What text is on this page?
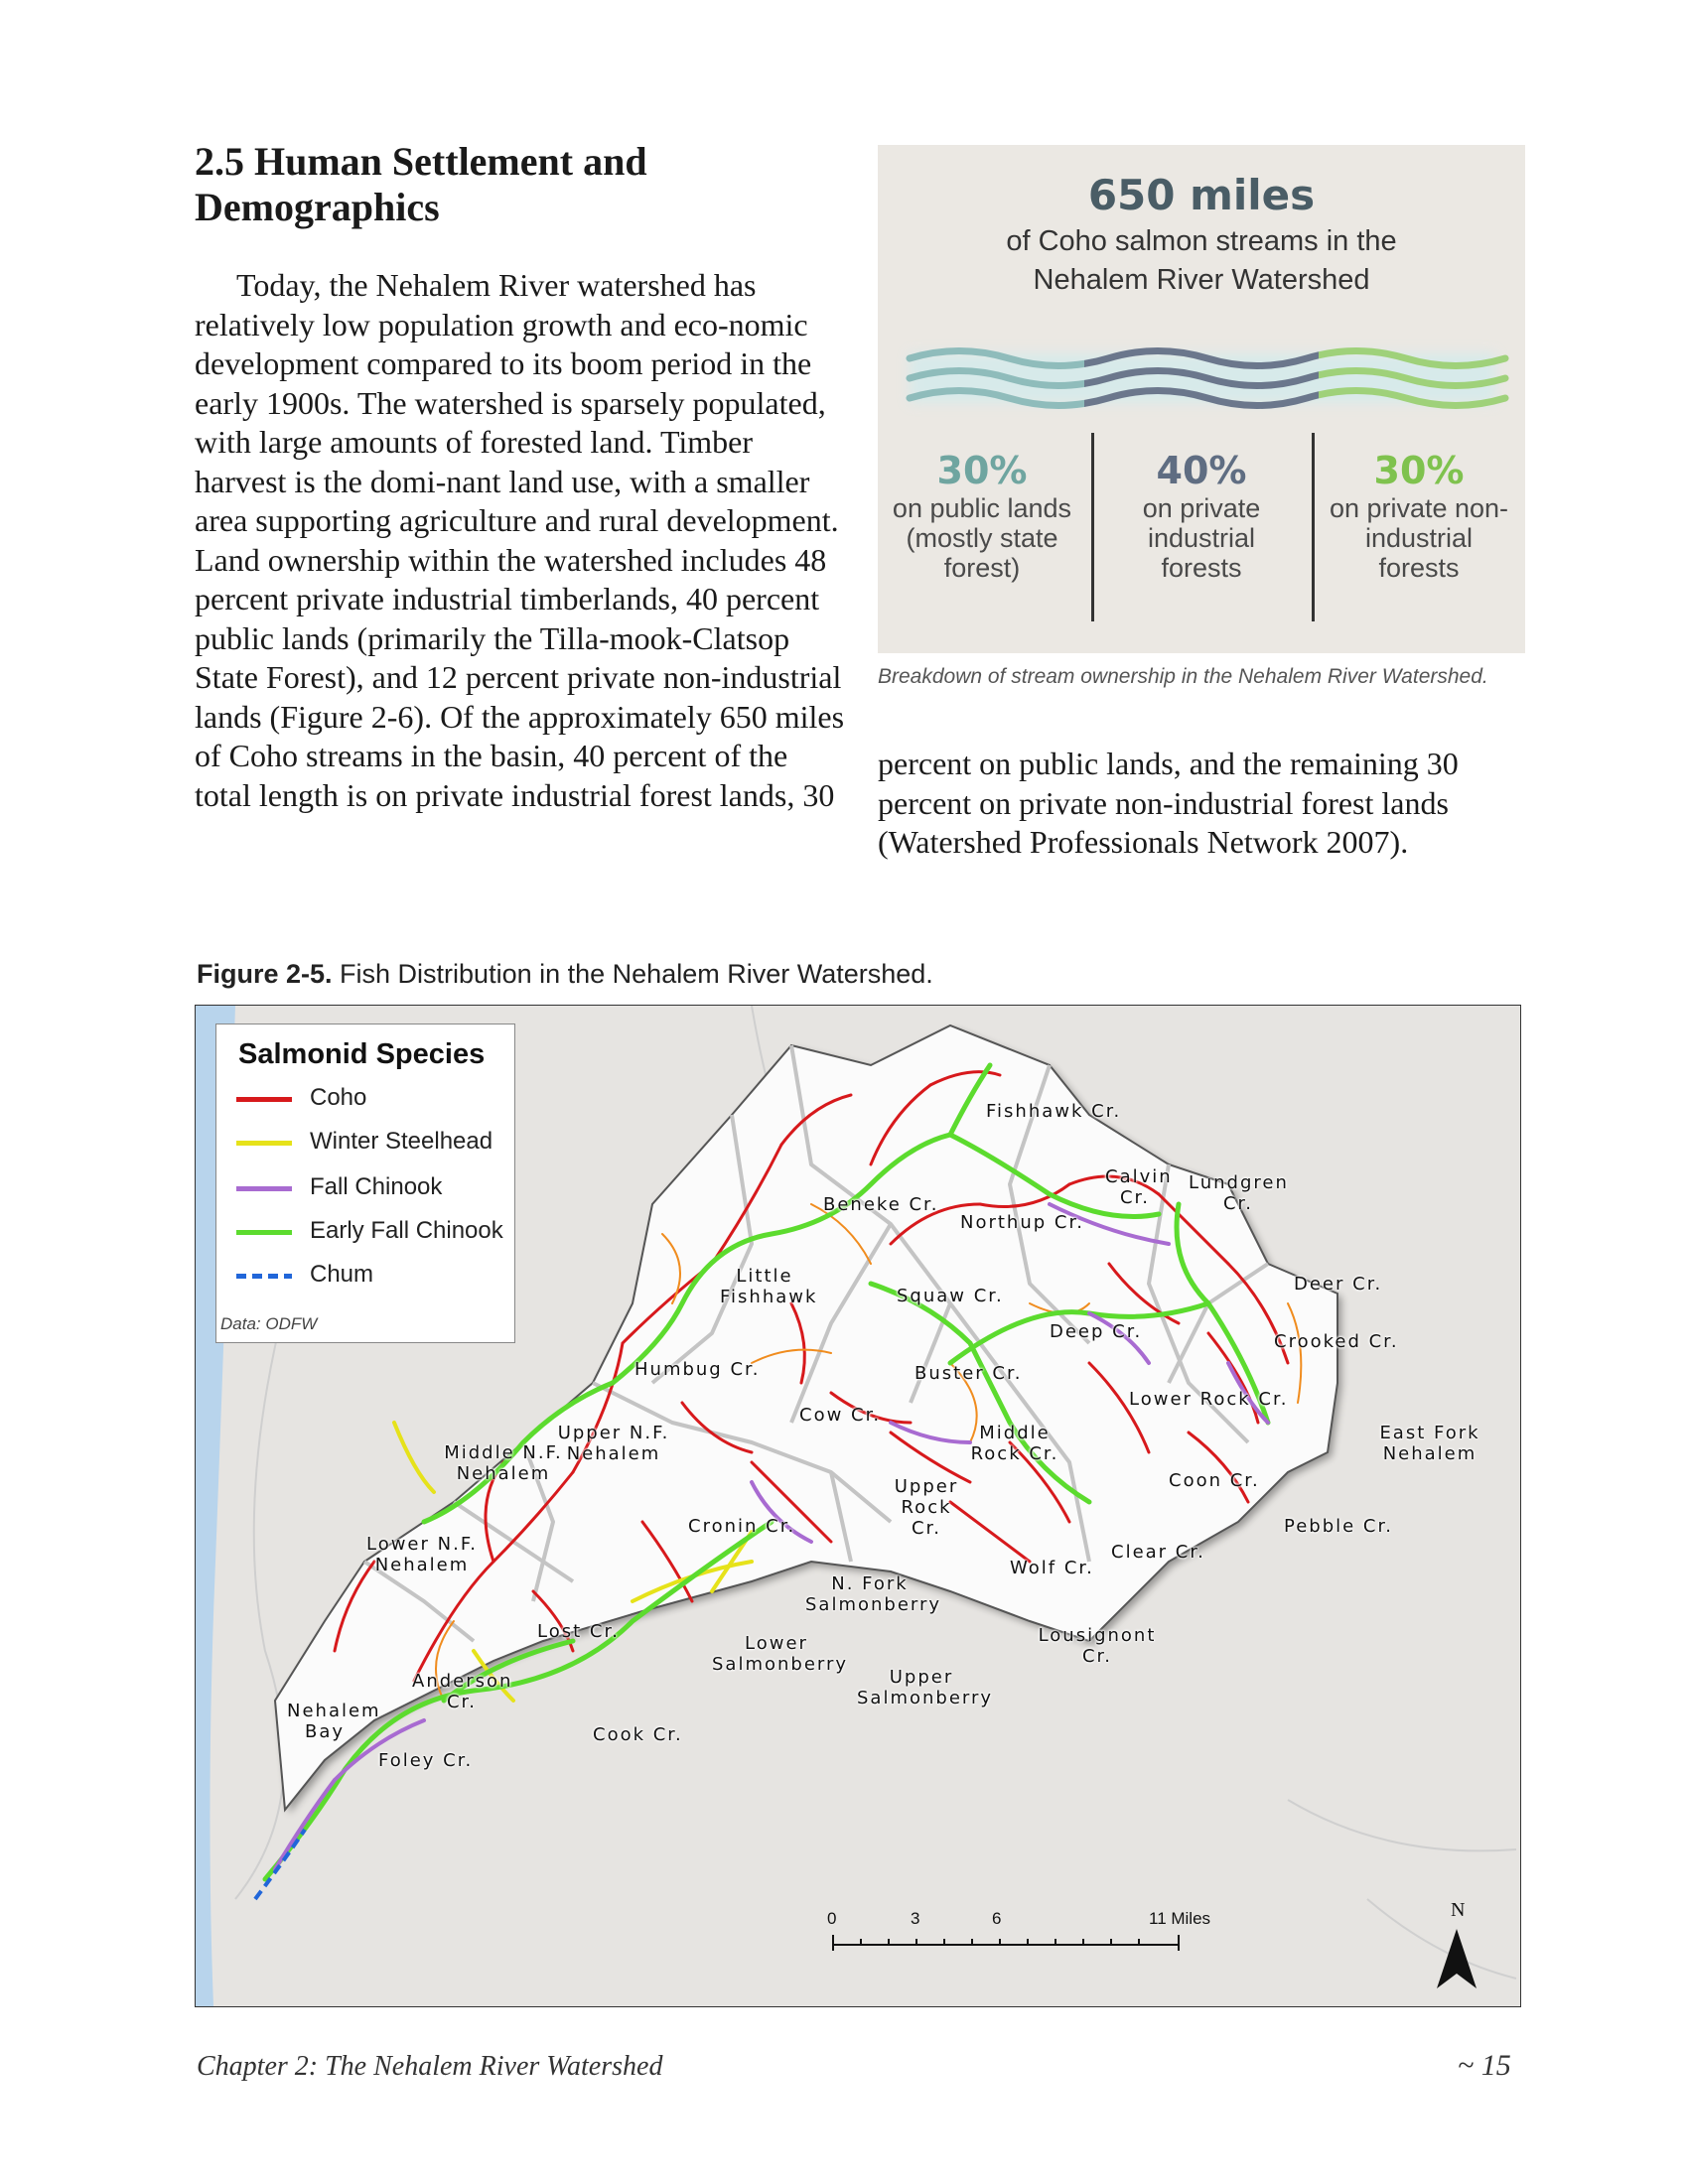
2.5 Human Settlement and
Demographics

Today, the Nehalem River watershed has relatively low population growth and eco-nomic development compared to its boom period in the early 1900s. The watershed is sparsely populated, with large amounts of forested land. Timber harvest is the domi-nant land use, with a smaller area supporting agriculture and rural development. Land ownership within the watershed includes 48 percent private industrial timberlands, 40 percent public lands (primarily the Tilla-mook-Clatsop State Forest), and 12 percent private non-industrial lands (Figure 2-6). Of the approximately 650 miles of Coho streams in the basin, 40 percent of the total length is on private industrial forest lands, 30

650 miles
of Coho salmon streams in the Nehalem River Watershed
30%
on public lands (mostly state forest)
40%
on private industrial forests
30%
on private non-industrial forests
Breakdown of stream ownership in the Nehalem River Watershed.

percent on public lands, and the remaining 30 percent on private non-industrial forest lands (Watershed Professionals Network 2007).

Figure 2-5. Fish Distribution in the Nehalem River Watershed.
Salmonid Species
Coho
Winter Steelhead
Fall Chinook
Early Fall Chinook
Chum
Data: ODFW
Fishhawk Cr.
Calvin Cr.
Lundgren Cr.
Beneke Cr.
Northup Cr.
Little Fishhawk	Squaw Cr.
Deer Cr.
Deep Cr.	Crooked Cr.
Humbug Cr.	Buster Cr.
Lower Rock Cr.
Cow Cr.
East Fork Nehalem
Upper N.F. Nehalem
Middle N.F. Nehalem
Middle Rock Cr.
Coon Cr.
Upper Rock Cr.
Cronin Cr.
Clear Cr.
Pebble Cr.
Lower N.F. Nehalem	Wolf Cr.
N. Fork Salmonberry
Lost Cr.
Lower Salmonberry
Lousignont Cr.
Anderson Cr.
Upper Salmonberry
Nehalem Bay	Cook Cr.
Foley Cr.
0	3	6	11 Miles	N
Chapter 2: The Nehalem River Watershed	~ 15
